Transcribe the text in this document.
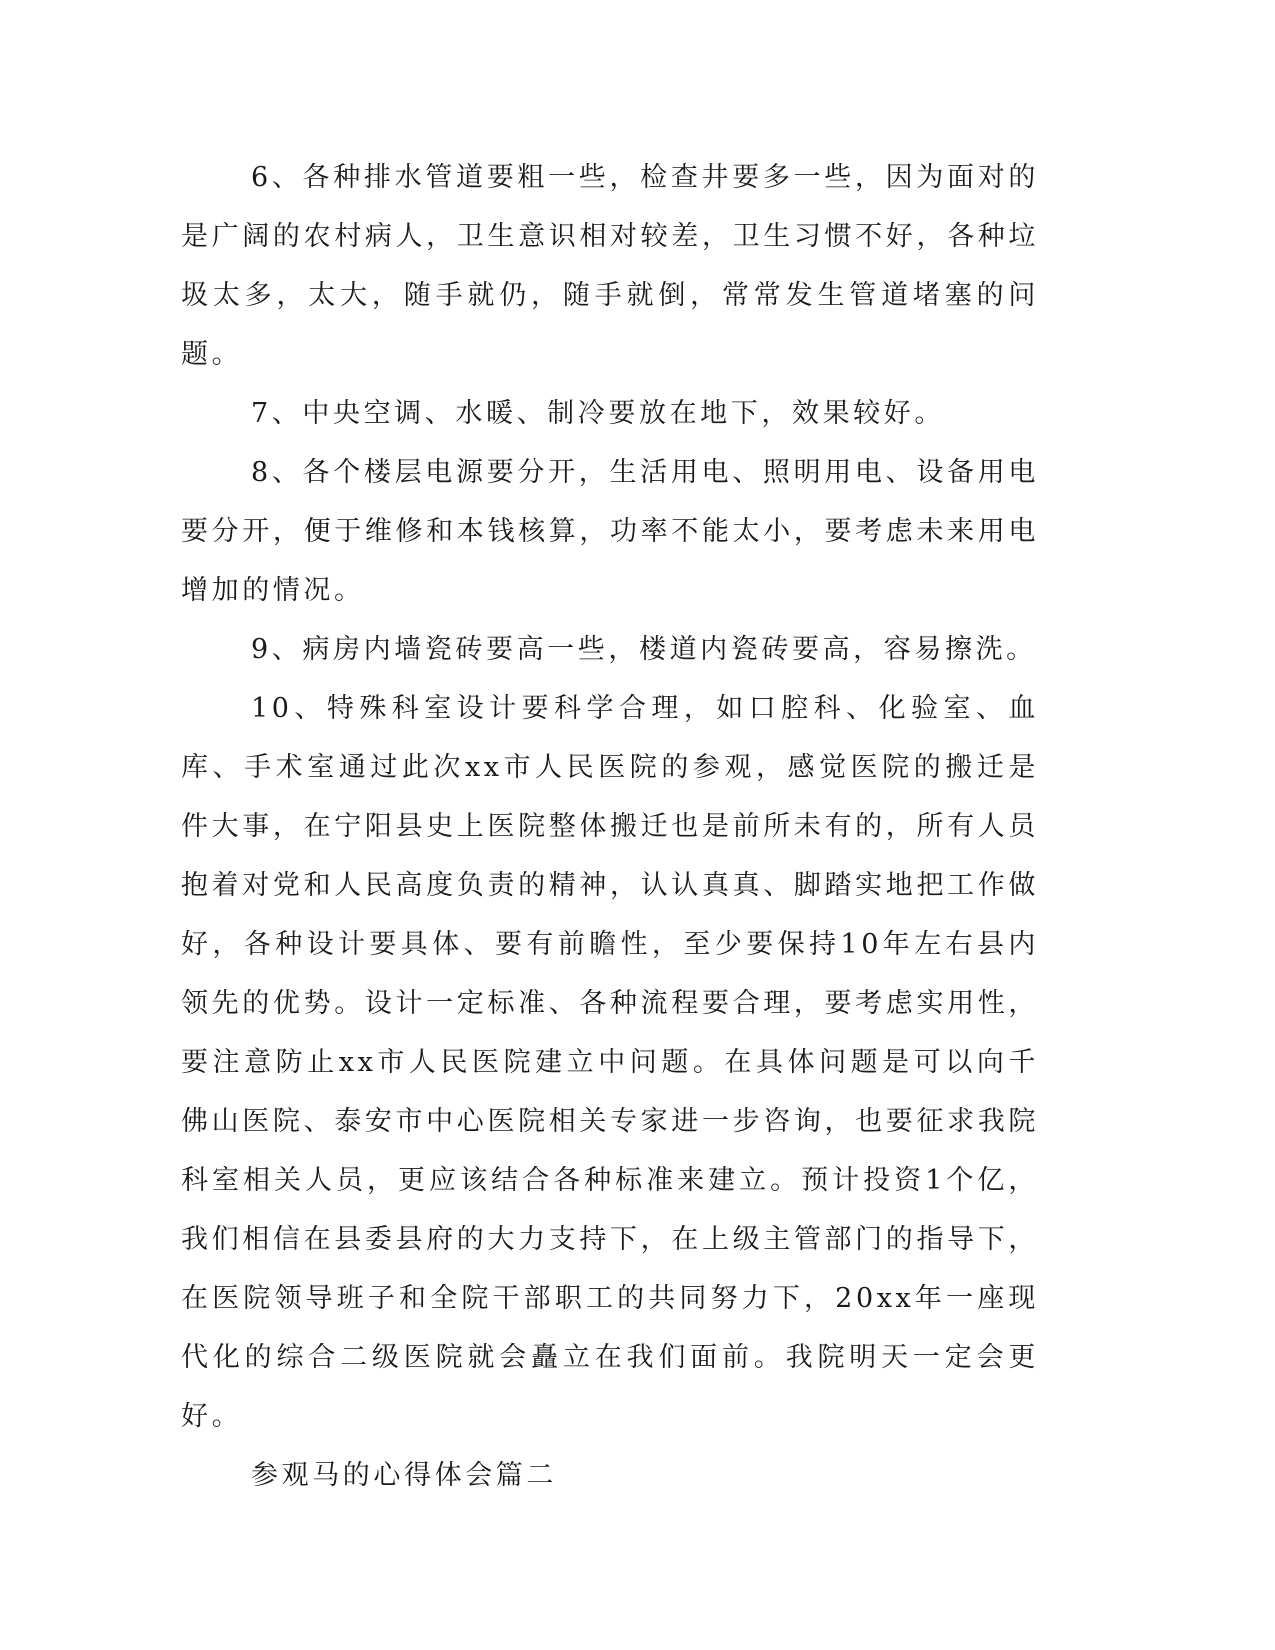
6、各种排水管道要粗一些，检查井要多一些，因为面对的是广阔的农村病人，卫生意识相对较差，卫生习惯不好，各种垃圾太多，太大，随手就仍，随手就倒，常常发生管道堵塞的问题。

7、中央空调、水暖、制冷要放在地下，效果较好。

8、各个楼层电源要分开，生活用电、照明用电、设备用电要分开，便于维修和本钱核算，功率不能太小，要考虑未来用电增加的情况。

9、病房内墙瓷砖要高一些，楼道内瓷砖要高，容易擦洗。

10、特殊科室设计要科学合理，如口腔科、化验室、血库、手术室通过此次xx市人民医院的参观，感觉医院的搬迁是件大事，在宁阳县史上医院整体搬迁也是前所未有的，所有人员抱着对党和人民高度负责的精神，认认真真、脚踏实地把工作做好，各种设计要具体、要有前瞻性，至少要保持10年左右县内领先的优势。设计一定标准、各种流程要合理，要考虑实用性，要注意防止xx市人民医院建立中问题。在具体问题是可以向千佛山医院、泰安市中心医院相关专家进一步咨询，也要征求我院科室相关人员，更应该结合各种标准来建立。预计投资1个亿，我们相信在县委县府的大力支持下，在上级主管部门的指导下，在医院领导班子和全院干部职工的共同努力下，20xx年一座现代化的综合二级医院就会矗立在我们面前。我院明天一定会更好。

参观马的心得体会篇二
